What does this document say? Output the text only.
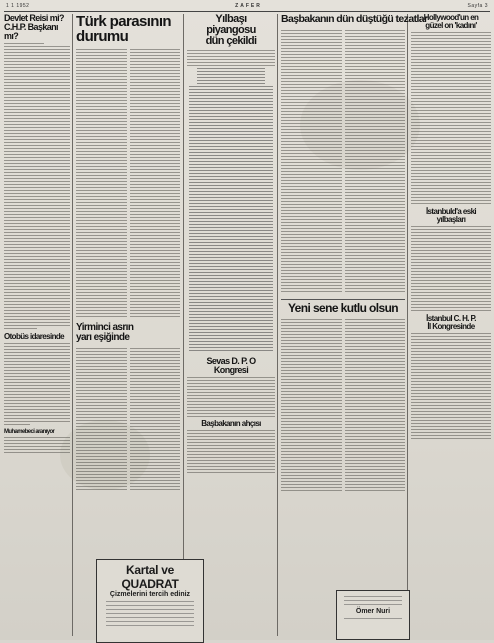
1 1 1952	ZAFER	Sayfa 3

Devlet Reisi mi?

C.H.P. Başkanı mı?

Otobüs idaresinde

Muhamebeci aranıyor

Türk parasının durumu

Yirminci asrın

yarı eşiğinde

Kartal ve QUADRAT
Çizmelerini tercih ediniz

Yılbaşı

piyangosu

dün çekildi

Sevas D. P. O

Kongresi

Başbakanın ahçısı

Başbakanın dün düştüğü tezatlar

Yeni sene kutlu olsun

Ömer Nuri

Hollywood'un en

güzel on 'kadını'

İstanbuld'a eski

yılbaşları

İstanbul C. H. P.

İl Kongresinde
